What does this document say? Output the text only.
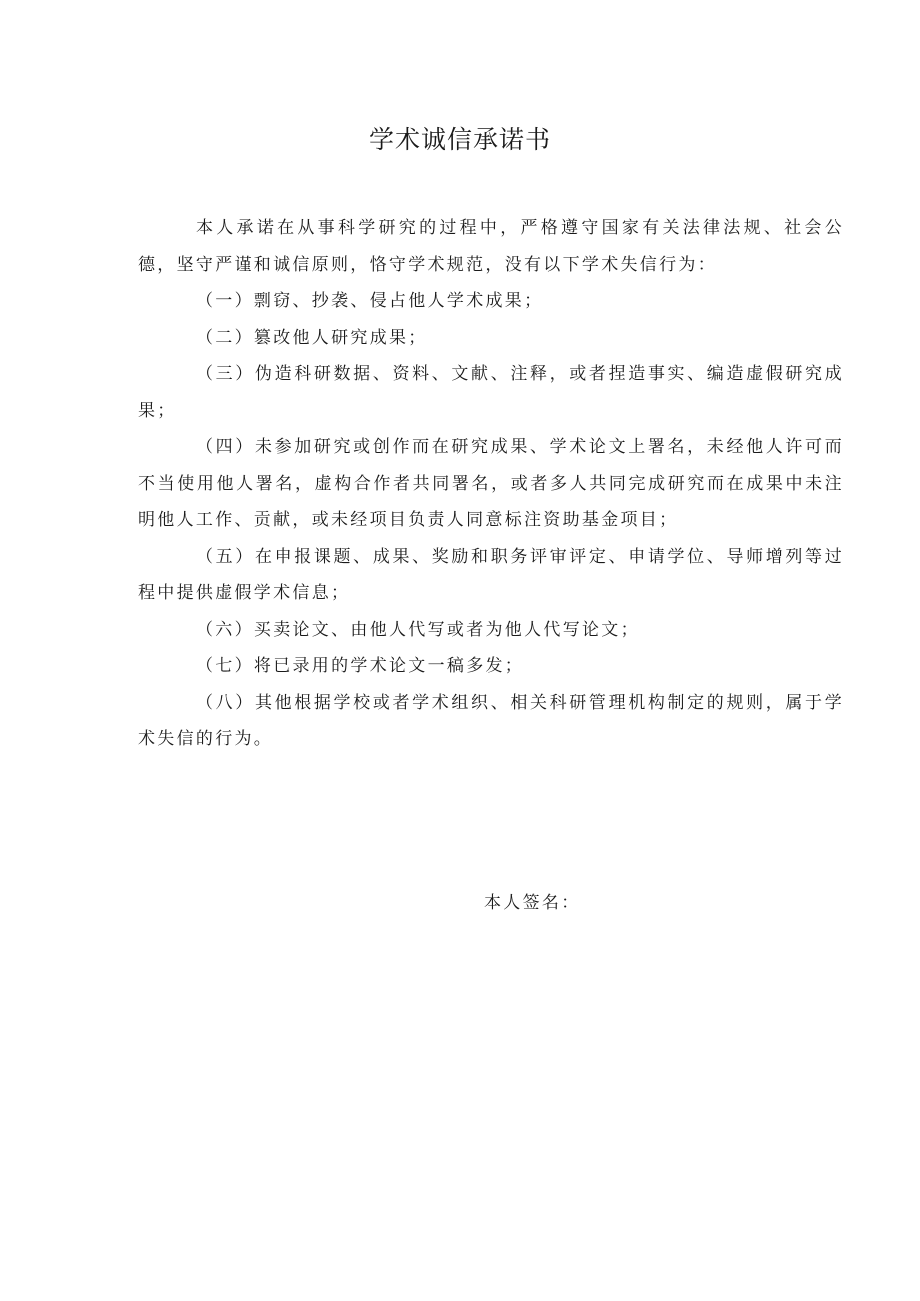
学术诚信承诺书

本人承诺在从事科学研究的过程中，严格遵守国家有关法律法规、社会公德，坚守严谨和诚信原则，恪守学术规范，没有以下学术失信行为：

（一）剽窃、抄袭、侵占他人学术成果；

（二）篡改他人研究成果；

（三）伪造科研数据、资料、文献、注释，或者捏造事实、编造虚假研究成果；

（四）未参加研究或创作而在研究成果、学术论文上署名，未经他人许可而不当使用他人署名，虚构合作者共同署名，或者多人共同完成研究而在成果中未注明他人工作、贡献，或未经项目负责人同意标注资助基金项目；

（五）在申报课题、成果、奖励和职务评审评定、申请学位、导师增列等过程中提供虚假学术信息；

（六）买卖论文、由他人代写或者为他人代写论文；

（七）将已录用的学术论文一稿多发；

（八）其他根据学校或者学术组织、相关科研管理机构制定的规则，属于学术失信的行为。

本人签名：
